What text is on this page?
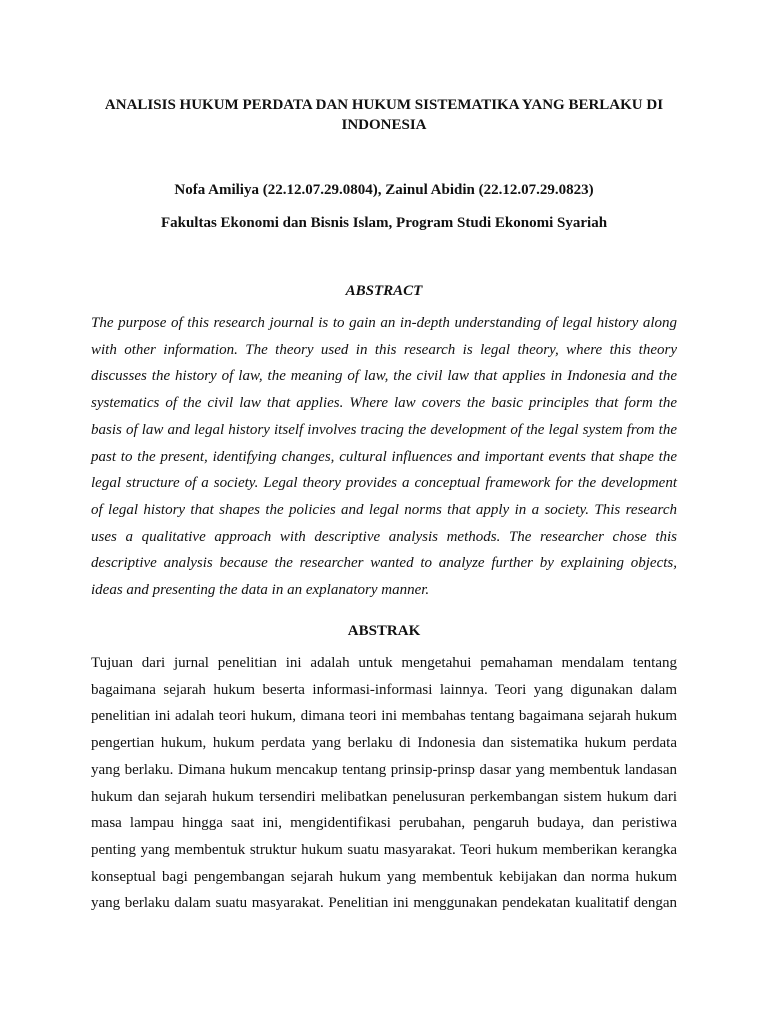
ANALISIS HUKUM PERDATA DAN HUKUM SISTEMATIKA YANG BERLAKU DI
INDONESIA
Nofa Amiliya (22.12.07.29.0804), Zainul Abidin (22.12.07.29.0823)
Fakultas Ekonomi dan Bisnis Islam, Program Studi Ekonomi Syariah
ABSTRACT
The purpose of this research journal is to gain an in-depth understanding of legal history along
with other information. The theory used in this research is legal theory, where this theory
discusses the history of law, the meaning of law, the civil law that applies in Indonesia and the
systematics of the civil law that applies. Where law covers the basic principles that form the
basis of law and legal history itself involves tracing the development of the legal system from the
past to the present, identifying changes, cultural influences and important events that shape the
legal structure of a society. Legal theory provides a conceptual framework for the development
of legal history that shapes the policies and legal norms that apply in a society. This research
uses a qualitative approach with descriptive analysis methods. The researcher chose this
descriptive analysis because the researcher wanted to analyze further by explaining objects,
ideas and presenting the data in an explanatory manner.
ABSTRAK
Tujuan dari jurnal penelitian ini adalah untuk mengetahui pemahaman mendalam tentang
bagaimana sejarah hukum beserta informasi-informasi lainnya. Teori yang digunakan dalam
penelitian ini adalah teori hukum, dimana teori ini membahas tentang bagaimana sejarah hukum
pengertian hukum, hukum perdata yang berlaku di Indonesia dan sistematika hukum perdata
yang berlaku. Dimana hukum mencakup tentang prinsip-prinsp dasar yang membentuk landasan
hukum dan sejarah hukum tersendiri melibatkan penelusuran perkembangan sistem hukum dari
masa lampau hingga saat ini, mengidentifikasi perubahan, pengaruh budaya, dan peristiwa
penting yang membentuk struktur hukum suatu masyarakat. Teori hukum memberikan kerangka
konseptual bagi pengembangan sejarah hukum yang membentuk kebijakan dan norma hukum
yang berlaku dalam suatu masyarakat. Penelitian ini menggunakan pendekatan kualitatif dengan
